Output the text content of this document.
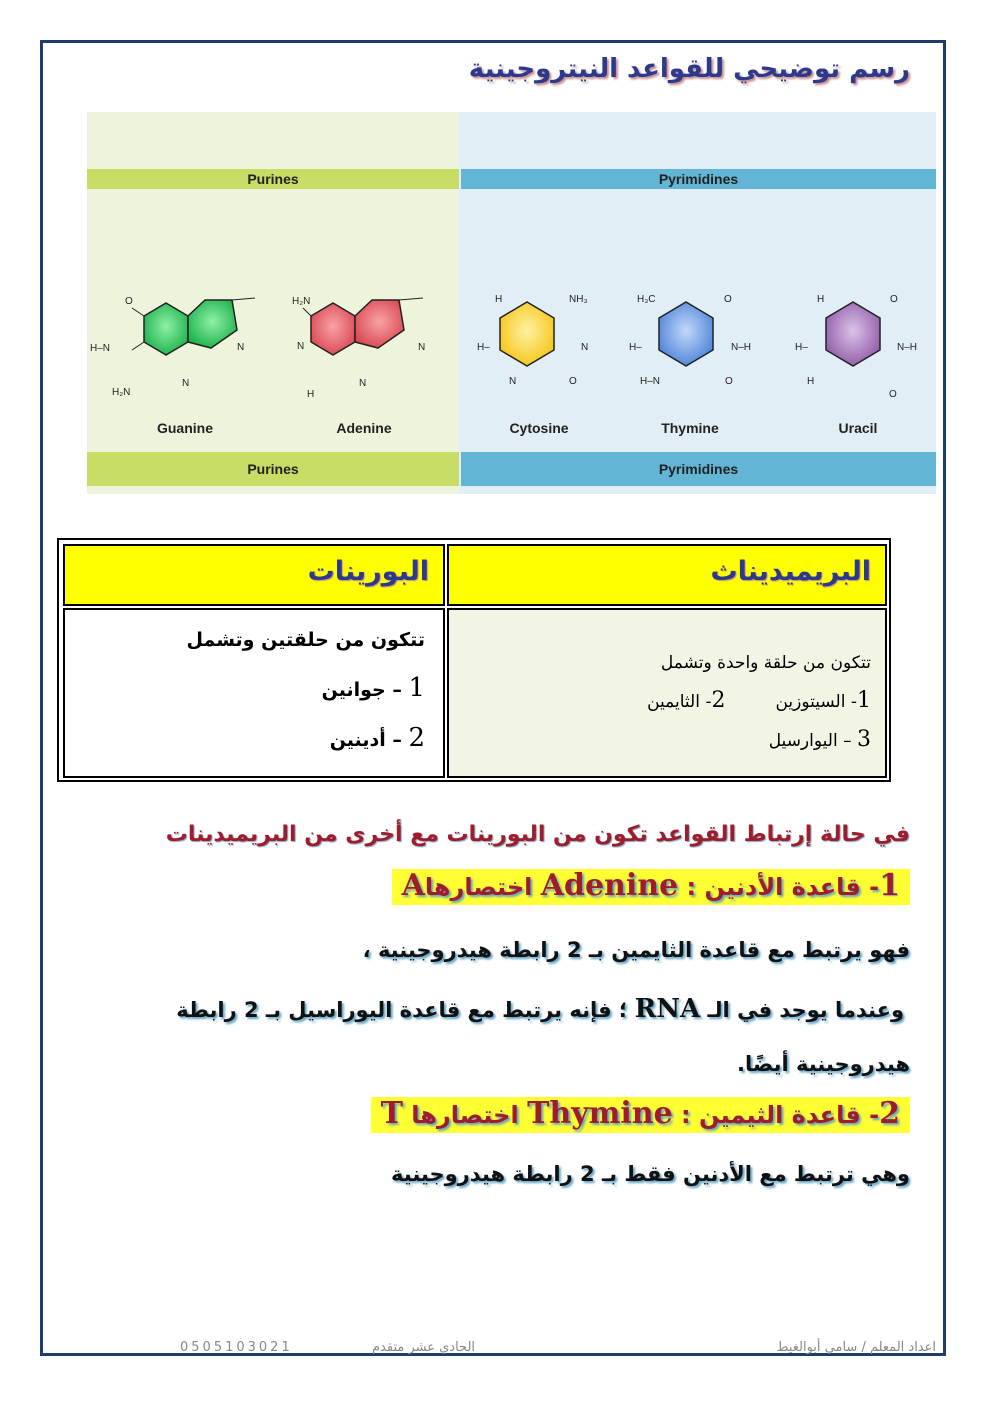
رسم توضيحي للقواعد النيتروجينية
Purines	Pyrimidines
Purines	Pyrimidines
O
H–N
H₂N
N
N
H₂N
N
H
N
N
H	NH₃
H–	N
N	O
H₃C	O
H–	N–H
H–N	O
H	O
H–	N–H
H
O
Guanine	Adenine	Cytosine	Thymine	Uracil
البريميديناث
البورينات
تتكون من حلقة واحدة وتشمل
1- السيتوزين2- الثايمين
3 – اليوارسيل
تتكون من حلقتين وتشمل
1 – جوانين
2 – أدينين
في حالة إرتباط القواعد تكون من البورينات مع أخرى من البريميدينات
1- قاعدة الأدنين : Adenine اختصارهاA
فهو يرتبط مع قاعدة الثايمين بـ 2 رابطة هيدروجينية ،
وعندما يوجد في الـ RNA ؛ فإنه يرتبط مع قاعدة اليوراسيل بـ 2 رابطة
هيدروجينية أيضًا.
2- قاعدة الثيمين : Thymine اختصارها T
وهي ترتبط مع الأدنين فقط بـ 2 رابطة هيدروجينية
اعداد المعلم / سامي أبوالغيط
الحادي عشر متقدم
0505103021
